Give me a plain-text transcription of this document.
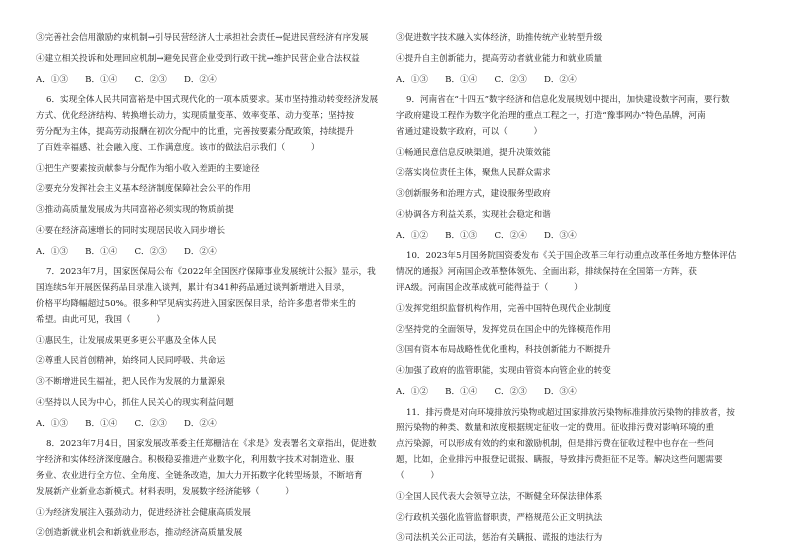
③完善社会信用激励约束机制→引导民营经济人士承担社会责任→促进民营经济有序发展
④建立相关投诉和处理回应机制→避免民营企业受到行政干扰→维护民营企业合法权益
A．①③　　B．①④　　C．②③　　D．②④
6．实现全体人民共同富裕是中国式现代化的一项本质要求。某市坚持推动转变经济发展
方式、优化经济结构、转换增长动力，实现质量变革、效率变革、动力变革；坚持按
劳分配为主体，提高劳动报酬在初次分配中的比重，完善按要素分配政策，持续提升
了百姓幸福感、社会融入度、工作满意度。该市的做法启示我们（　　　）
①把生产要素按贡献参与分配作为缩小收入差距的主要途径
②要充分发挥社会主义基本经济制度保障社会公平的作用
③推动高质量发展成为共同富裕必须实现的物质前提
④要在经济高速增长的同时实现居民收入同步增长
A．①③　　B．①④　　C．②③　　D．②④
7．2023年7月，国家医保局公布《2022年全国医疗保障事业发展统计公报》显示，我
国连续5年开展医保药品目录准入谈判，累计有341种药品通过谈判新增进入目录，
价格平均降幅超过50%。很多种罕见病实药进入国家医保目录，给许多患者带来生的
希望。由此可见，我国（　　　）
①惠民生，让发展成果更多更公平惠及全体人民
②尊重人民首创精神，始终同人民同呼吸、共命运
③不断增进民生福祉，把人民作为发展的力量源泉
④坚持以人民为中心，抓住人民关心的现实利益问题
A．①③　　B．①④　　C．②③　　D．②④
8．2023年7月4日，国家发展改革委主任郑栅洁在《求是》发表署名文章指出，促进数
字经济和实体经济深度融合。积极稳妥推进产业数字化，利用数字技术对制造业、服
务业、农业进行全方位、全角度、全链条改造，加大力开拓数字化转型场景，不断培育
发展新产业新业态新模式。材料表明，发展数字经济能够（　　　）
①为经济发展注入强劲动力，促进经济社会健康高质发展
②创造新就业机会和新就业形态，推动经济高质量发展
③促进数字技术融入实体经济，助推传统产业转型升级
④提升自主创新能力，提高劳动者就业能力和就业质量
A．①③　　B．①④　　C．②③　　D．②④
9．河南省在“十四五”数字经济和信息化发展规划中提出，加快建设数字河南，要行数
字政府建设工程作为数字化治理的重点工程之一，打造“豫事网办”特色品牌，河南
省通过建设数字政府，可以（　　　）
①畅通民意信息反映渠道，提升决策效能
②落实岗位责任主体，聚焦人民群众需求
③创新服务和治理方式，建设服务型政府
④协调各方利益关系，实现社会稳定和谐
A．①②　　B．①③　　C．②④　　D．③④
10．2023年5月国务院国资委发布《关于国企改革三年行动重点改革任务地方整体评估
情况的通报》河南国企改革整体领先、全面出彩，排续保持在全国第一方阵，获
评A级。河南国企改革成就可能得益于（　　　）
①发挥党组织监督机构作用，完善中国特色现代企业制度
②坚持党的全面领导，发挥党员在国企中的先锋模范作用
③国有资本布局战略性优化重构，科技创新能力不断提升
④加强了政府的监管职能，实现由管资本向管企业的转变
A．①②　　B．①④　　C．②③　　D．③④
11．排污费是对向环境排放污染物或超过国家排放污染物标准排放污染物的排放者，按
照污染物的种类、数量和浓度根据规定征收一定的费用。征收排污费对影响环境的重
点污染源，可以形成有效的约束和激励机制，但是排污费在征收过程中也存在一些问
题，比如，企业排污申报登记谎报、瞒报，导致排污费拒征不足等。解决这些问题需要
（　　　）
①全国人民代表大会领导立法，不断健全环保法律体系
②行政机关强化监管监督职责，严格规范公正文明执法
③司法机关公正司法，惩治有关瞒报、谎报的违法行为
